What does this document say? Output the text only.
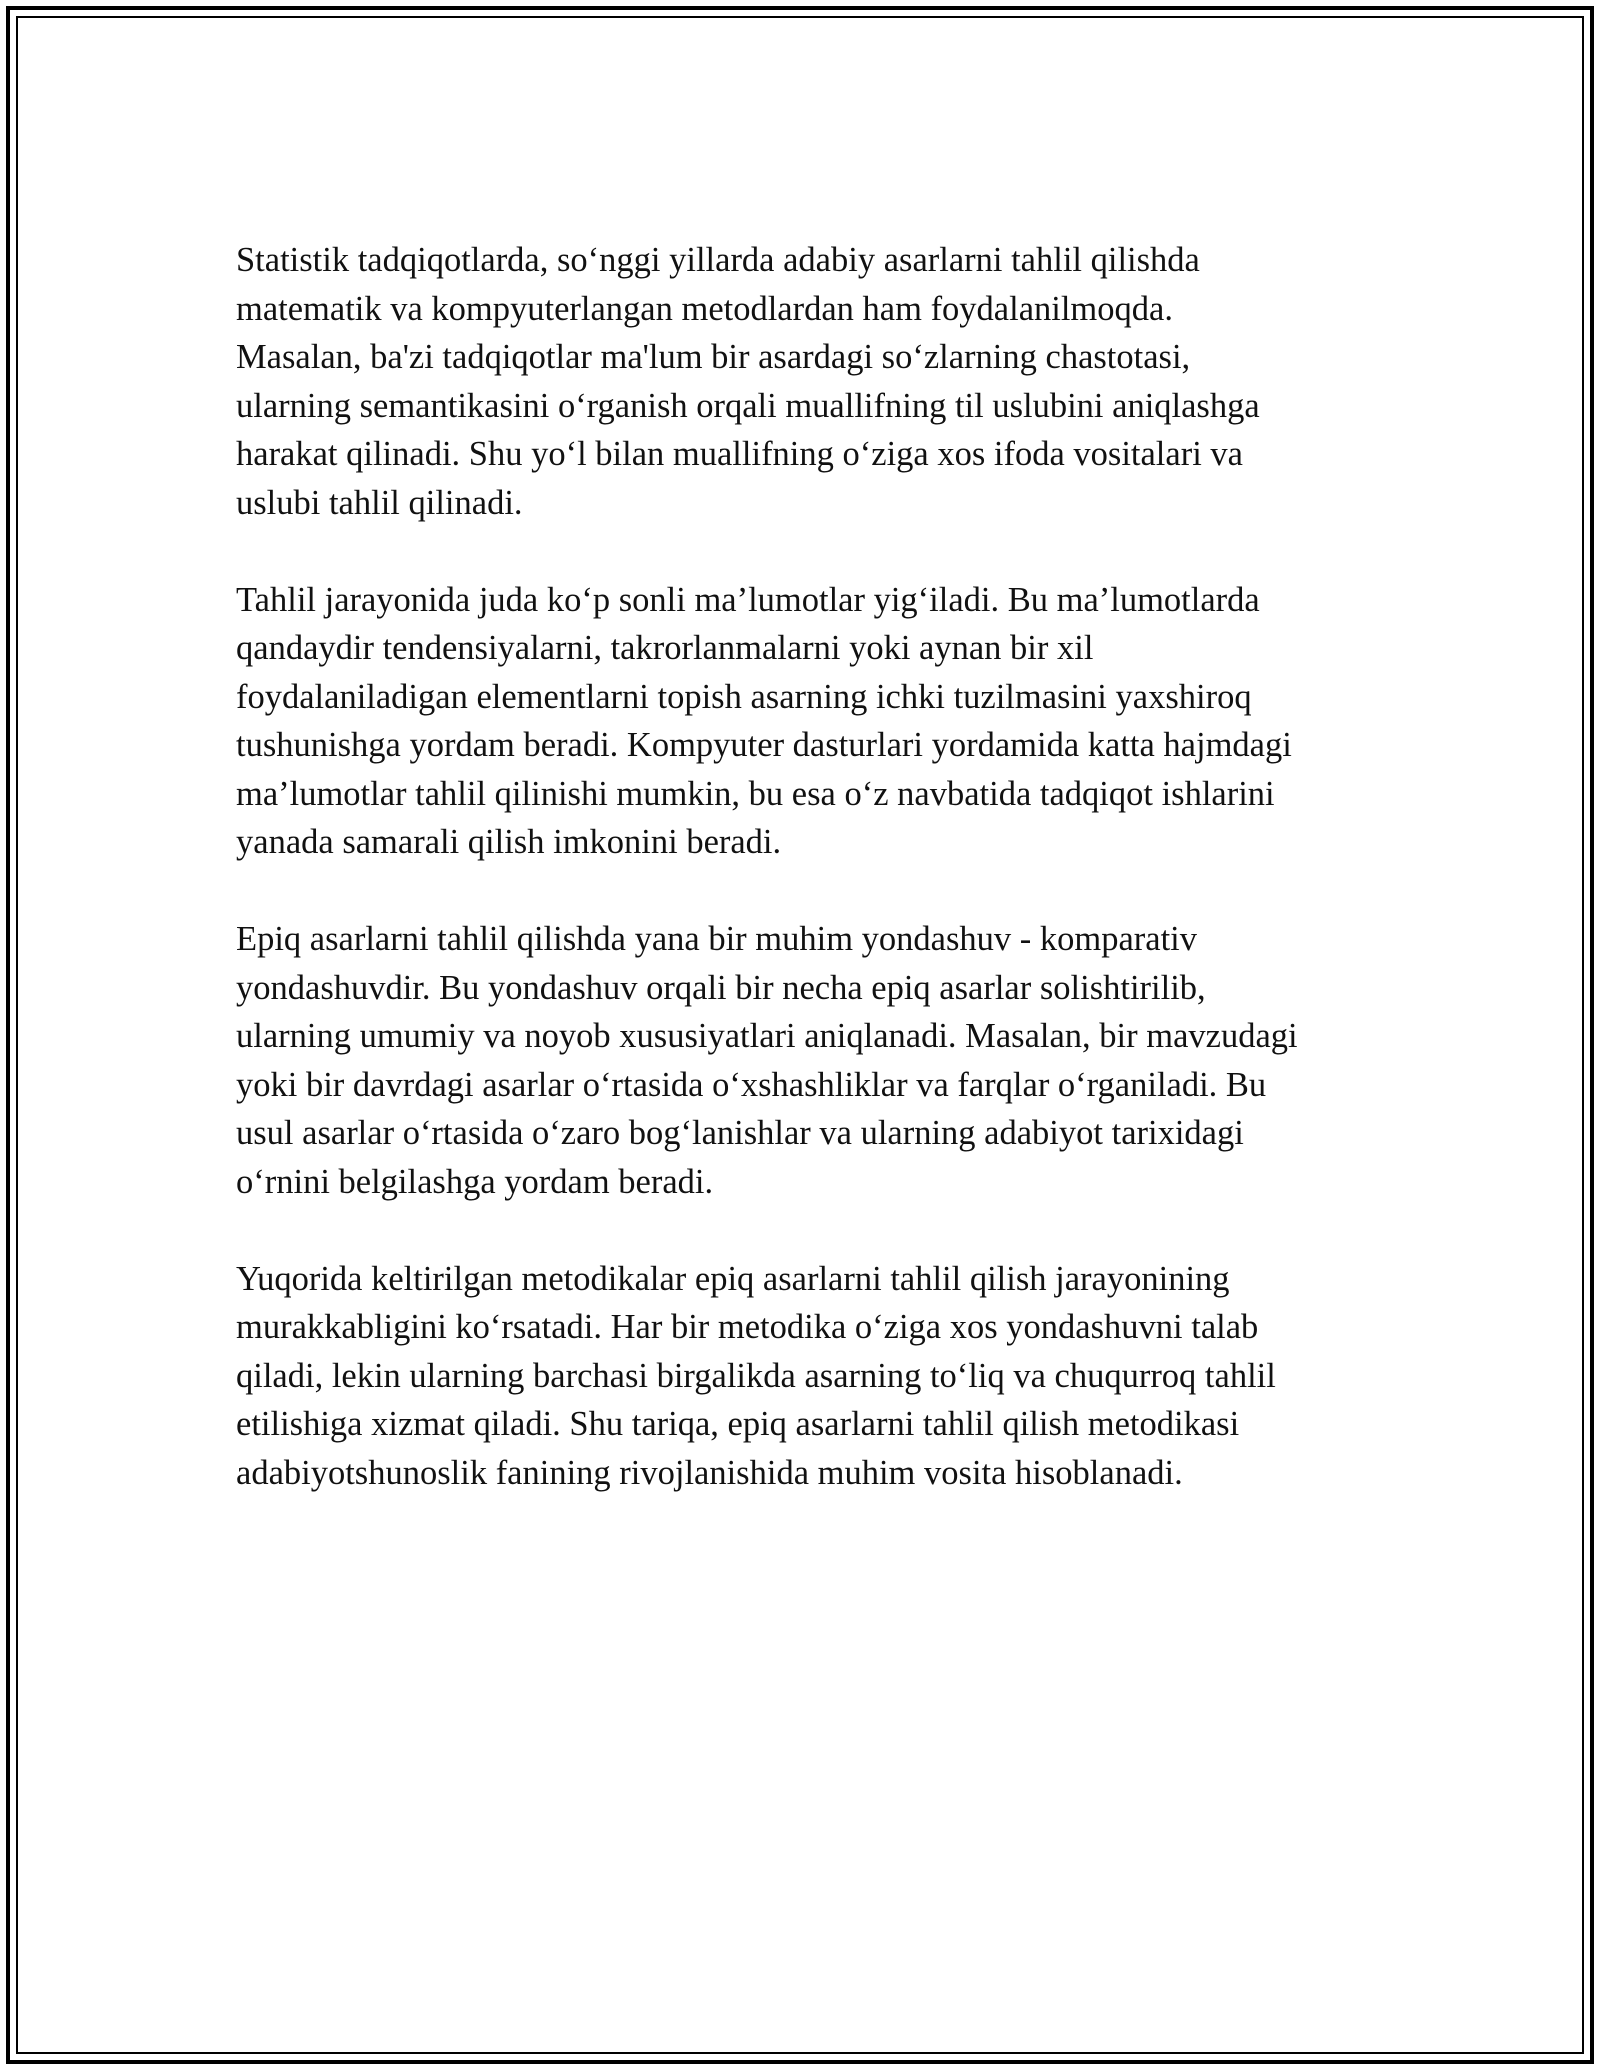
Statistik tadqiqotlarda, so‘nggi yillarda adabiy asarlarni tahlil qilishda
matematik va kompyuterlangan metodlardan ham foydalanilmoqda.
Masalan, ba'zi tadqiqotlar ma'lum bir asardagi so‘zlarning chastotasi,
ularning semantikasini o‘rganish orqali muallifning til uslubini aniqlashga
harakat qilinadi. Shu yo‘l bilan muallifning o‘ziga xos ifoda vositalari va
uslubi tahlil qilinadi.

Tahlil jarayonida juda ko‘p sonli ma’lumotlar yig‘iladi. Bu ma’lumotlarda
qandaydir tendensiyalarni, takrorlanmalarni yoki aynan bir xil
foydalaniladigan elementlarni topish asarning ichki tuzilmasini yaxshiroq
tushunishga yordam beradi. Kompyuter dasturlari yordamida katta hajmdagi
ma’lumotlar tahlil qilinishi mumkin, bu esa o‘z navbatida tadqiqot ishlarini
yanada samarali qilish imkonini beradi.

Epiq asarlarni tahlil qilishda yana bir muhim yondashuv - komparativ
yondashuvdir. Bu yondashuv orqali bir necha epiq asarlar solishtirilib,
ularning umumiy va noyob xususiyatlari aniqlanadi. Masalan, bir mavzudagi
yoki bir davrdagi asarlar o‘rtasida o‘xshashliklar va farqlar o‘rganiladi. Bu
usul asarlar o‘rtasida o‘zaro bog‘lanishlar va ularning adabiyot tarixidagi
o‘rnini belgilashga yordam beradi.

Yuqorida keltirilgan metodikalar epiq asarlarni tahlil qilish jarayonining
murakkabligini ko‘rsatadi. Har bir metodika o‘ziga xos yondashuvni talab
qiladi, lekin ularning barchasi birgalikda asarning to‘liq va chuqurroq tahlil
etilishiga xizmat qiladi. Shu tariqa, epiq asarlarni tahlil qilish metodikasi
adabiyotshunoslik fanining rivojlanishida muhim vosita hisoblanadi.
